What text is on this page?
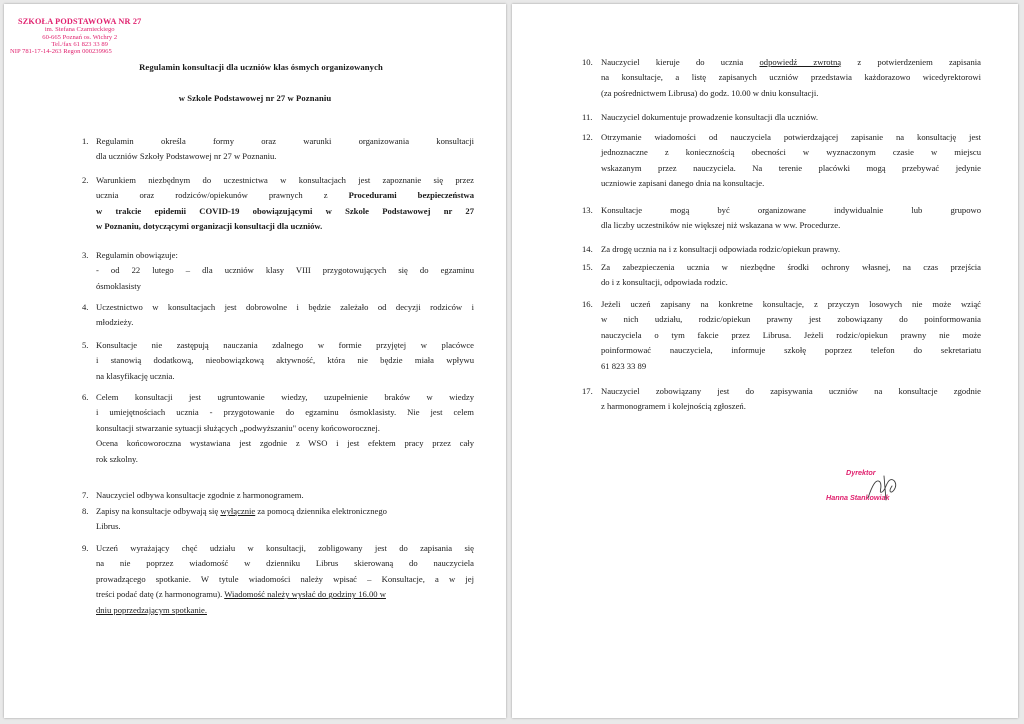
SZKOŁA PODSTAWOWA NR 27
im. Stefana Czarnieckiego
60-665 Poznań os. Wichry 2
Tel./fax 61 823 33 89
NIP 781-17-14-263 Regon 000239965
Regulamin konsultacji dla uczniów klas ósmych organizowanych
w Szkole Podstawowej nr 27 w Poznaniu
1. Regulamin określa formy oraz warunki organizowania konsultacji

dla uczniów Szkoły Podstawowej nr 27 w Poznaniu.

2. Warunkiem niezbędnym do uczestnictwa w konsultacjach jest zapoznanie się przez

ucznia oraz rodziców/opiekunów prawnych z Procedurami bezpieczeństwa

w trakcie epidemii COVID-19 obowiązującymi w Szkole Podstawowej nr 27

w Poznaniu, dotyczącymi organizacji konsultacji dla uczniów.

3. Regulamin obowiązuje:

- od 22 lutego – dla uczniów klasy VIII przygotowujących się do egzaminu

ósmoklasisty

4. Uczestnictwo w konsultacjach jest dobrowolne i będzie zależało od decyzji rodziców i

młodzieży.

5. Konsultacje nie zastępują nauczania zdalnego w formie przyjętej w placówce

i stanowią dodatkową, nieobowiązkową aktywność, która nie będzie miała wpływu

na klasyfikację ucznia.

6. Celem konsultacji jest ugruntowanie wiedzy, uzupełnienie braków w wiedzy

i umiejętnościach ucznia - przygotowanie do egzaminu ósmoklasisty. Nie jest celem

konsultacji stwarzanie sytuacji służących „podwyższaniu" oceny końcoworocznej.

Ocena końcoworoczna wystawiana jest zgodnie z WSO i jest efektem pracy przez cały

rok szkolny.

7. Nauczyciel odbywa konsultacje zgodnie z harmonogramem.

8. Zapisy na konsultacje odbywają się wyłącznie za pomocą dziennika elektronicznego

Librus.

9. Uczeń wyrażający chęć udziału w konsultacji, zobligowany jest do zapisania się

na nie poprzez wiadomość w dzienniku Librus skierowaną do nauczyciela

prowadzącego spotkanie. W tytule wiadomości należy wpisać – Konsultacje, a w jej

treści podać datę (z harmonogramu). Wiadomość należy wysłać do godziny 16.00 w

dniu poprzedzającym spotkanie.

10. Nauczyciel kieruje do ucznia odpowiedź zwrotną z potwierdzeniem zapisania

na konsultacje, a listę zapisanych uczniów przedstawia każdorazowo wicedyrektorowi

(za pośrednictwem Librusa) do godz. 10.00 w dniu konsultacji.

11. Nauczyciel dokumentuje prowadzenie konsultacji dla uczniów.

12. Otrzymanie wiadomości od nauczyciela potwierdzającej zapisanie na konsultację jest

jednoznaczne z koniecznością obecności w wyznaczonym czasie w miejscu

wskazanym przez nauczyciela. Na terenie placówki mogą przebywać jedynie

uczniowie zapisani danego dnia na konsultacje.

13. Konsultacje mogą być organizowane indywidualnie lub grupowo

dla liczby uczestników nie większej niż wskazana w ww. Procedurze.

14. Za drogę ucznia na i z konsultacji odpowiada rodzic/opiekun prawny.

15. Za zabezpieczenia ucznia w niezbędne środki ochrony własnej, na czas przejścia

do i z konsultacji, odpowiada rodzic.

16. Jeżeli uczeń zapisany na konkretne konsultacje, z przyczyn losowych nie może wziąć

w nich udziału, rodzic/opiekun prawny jest zobowiązany do poinformowania

nauczyciela o tym fakcie przez Librusa. Jeżeli rodzic/opiekun prawny nie może

poinformować nauczyciela, informuje szkołę poprzez telefon do sekretariatu

61 823 33 89

17. Nauczyciel zobowiązany jest do zapisywania uczniów na konsultacje zgodnie

z harmonogramem i kolejnością zgłoszeń.

Dyrektor
Hanna Stankowiak
